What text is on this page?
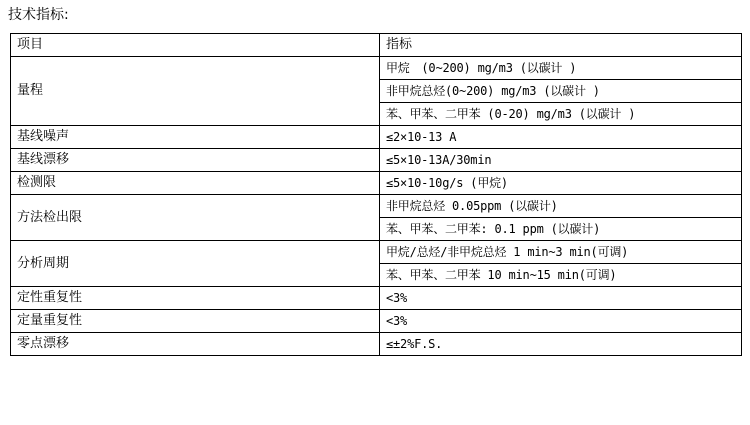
技术指标:
项目	指标
量程	甲烷　(0~200) mg/m3 (以碳计 )
	非甲烷总烃(0~200) mg/m3 (以碳计 )
	苯、甲苯、二甲苯 (0-20) mg/m3 (以碳计 )
基线噪声	≤2×10-13 A
基线漂移	≤5×10-13A/30min
检测限	≤5×10-10g/s (甲烷)
方法检出限	非甲烷总烃 0.05ppm (以碳计)
	苯、甲苯、二甲苯: 0.1 ppm (以碳计)
分析周期	甲烷/总烃/非甲烷总烃 1 min~3 min(可调)
	苯、甲苯、二甲苯 10 min~15 min(可调)
定性重复性	<3%
定量重复性	<3%
零点漂移	≤±2%F.S.
